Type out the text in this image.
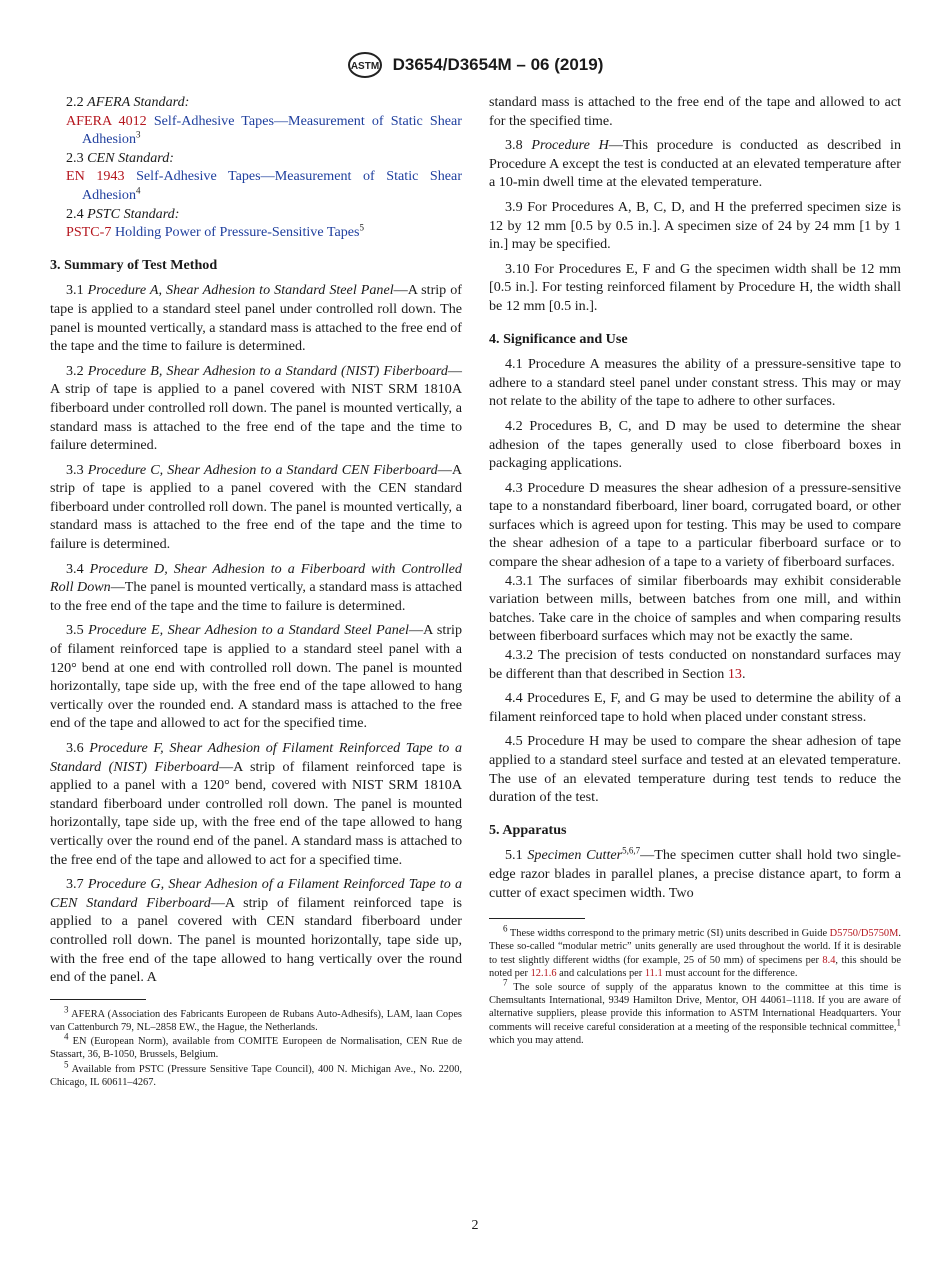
ASTM D3654/D3654M – 06 (2019)
2.2 AFERA Standard:
AFERA 4012 Self-Adhesive Tapes—Measurement of Static Shear Adhesion$^3$
2.3 CEN Standard:
EN 1943 Self-Adhesive Tapes—Measurement of Static Shear Adhesion$^4$
2.4 PSTC Standard:
PSTC-7 Holding Power of Pressure-Sensitive Tapes$^5$

3. Summary of Test Method

3.1 Procedure A, Shear Adhesion to Standard Steel Panel—A strip of tape is applied to a standard steel panel under controlled roll down. The panel is mounted vertically, a standard mass is attached to the free end of the tape and the time to failure is determined.

3.2 Procedure B, Shear Adhesion to a Standard (NIST) Fiberboard—A strip of tape is applied to a panel covered with NIST SRM 1810A fiberboard under controlled roll down. The panel is mounted vertically, a standard mass is attached to the free end of the tape and the time to failure determined.

3.3 Procedure C, Shear Adhesion to a Standard CEN Fiberboard—A strip of tape is applied to a panel covered with the CEN standard fiberboard under controlled roll down. The panel is mounted vertically, a standard mass is attached to the free end of the tape and the time to failure is determined.

3.4 Procedure D, Shear Adhesion to a Fiberboard with Controlled Roll Down—The panel is mounted vertically, a standard mass is attached to the free end of the tape and the time to failure is determined.

3.5 Procedure E, Shear Adhesion to a Standard Steel Panel—A strip of filament reinforced tape is applied to a standard steel panel with a 120° bend at one end with controlled roll down. The panel is mounted horizontally, tape side up, with the free end of the tape allowed to hang vertically over the rounded end. A standard mass is attached to the free end of the tape and allowed to act for the specified time.

3.6 Procedure F, Shear Adhesion of Filament Reinforced Tape to a Standard (NIST) Fiberboard—A strip of filament reinforced tape is applied to a panel with a 120° bend, covered with NIST SRM 1810A standard fiberboard under controlled roll down. The panel is mounted horizontally, tape side up, with the free end of the tape allowed to hang vertically over the round end of the panel. A standard mass is attached to the free end of the tape and allowed to act for a specified time.

3.7 Procedure G, Shear Adhesion of a Filament Reinforced Tape to a CEN Standard Fiberboard—A strip of filament reinforced tape is applied to a panel covered with CEN standard fiberboard under controlled roll down. The panel is mounted horizontally, tape side up, with the free end of the tape allowed to hang vertically over the round end of the panel. A

$^3$ AFERA (Association des Fabricants Europeen de Rubans Auto-Adhesifs), LAM, laan Copes van Cattenburch 79, NL–2858 EW., the Hague, the Netherlands.

$^4$ EN (European Norm), available from COMITE Europeen de Normalisation, CEN Rue de Stassart, 36, B-1050, Brussels, Belgium.

$^5$ Available from PSTC (Pressure Sensitive Tape Council), 400 N. Michigan Ave., No. 2200, Chicago, IL 60611–4267.

standard mass is attached to the free end of the tape and allowed to act for the specified time.

3.8 Procedure H—This procedure is conducted as described in Procedure A except the test is conducted at an elevated temperature after a 10-min dwell time at the elevated temperature.

3.9 For Procedures A, B, C, D, and H the preferred specimen size is 12 by 12 mm [0.5 by 0.5 in.]. A specimen size of 24 by 24 mm [1 by 1 in.] may be specified.

3.10 For Procedures E, F and G the specimen width shall be 12 mm [0.5 in.]. For testing reinforced filament by Procedure H, the width shall be 12 mm [0.5 in.].

4. Significance and Use

4.1 Procedure A measures the ability of a pressure-sensitive tape to adhere to a standard steel panel under constant stress. This may or may not relate to the ability of the tape to adhere to other surfaces.

4.2 Procedures B, C, and D may be used to determine the shear adhesion of the tapes generally used to close fiberboard boxes in packaging applications.

4.3 Procedure D measures the shear adhesion of a pressure-sensitive tape to a nonstandard fiberboard, liner board, corrugated board, or other surfaces which is agreed upon for testing. This may be used to compare the shear adhesion of a tape to a particular fiberboard surface or to compare the shear adhesion of a tape to a variety of fiberboard surfaces.

4.3.1 The surfaces of similar fiberboards may exhibit considerable variation between mills, between batches from one mill, and within batches. Take care in the choice of samples and when comparing results between fiberboard surfaces which may not be exactly the same.

4.3.2 The precision of tests conducted on nonstandard surfaces may be different than that described in Section 13.

4.4 Procedures E, F, and G may be used to determine the ability of a filament reinforced tape to hold when placed under constant stress.

4.5 Procedure H may be used to compare the shear adhesion of tape applied to a standard steel surface and tested at an elevated temperature. The use of an elevated temperature during test tends to reduce the duration of the test.

5. Apparatus

5.1 Specimen Cutter$^{5,6,7}$—The specimen cutter shall hold two single-edge razor blades in parallel planes, a precise distance apart, to form a cutter of exact specimen width. Two

$^6$ These widths correspond to the primary metric (SI) units described in Guide D5750/D5750M. These so-called “modular metric” units generally are used throughout the world. If it is desirable to test slightly different widths (for example, 25 of 50 mm) of specimens per 8.4, this should be noted per 12.1.6 and calculations per 11.1 must account for the difference.

$^7$ The sole source of supply of the apparatus known to the committee at this time is Chemsultants International, 9349 Hamilton Drive, Mentor, OH 44061–1118. If you are aware of alternative suppliers, please provide this information to ASTM International Headquarters. Your comments will receive careful consideration at a meeting of the responsible technical committee,$^1$ which you may attend.

2
